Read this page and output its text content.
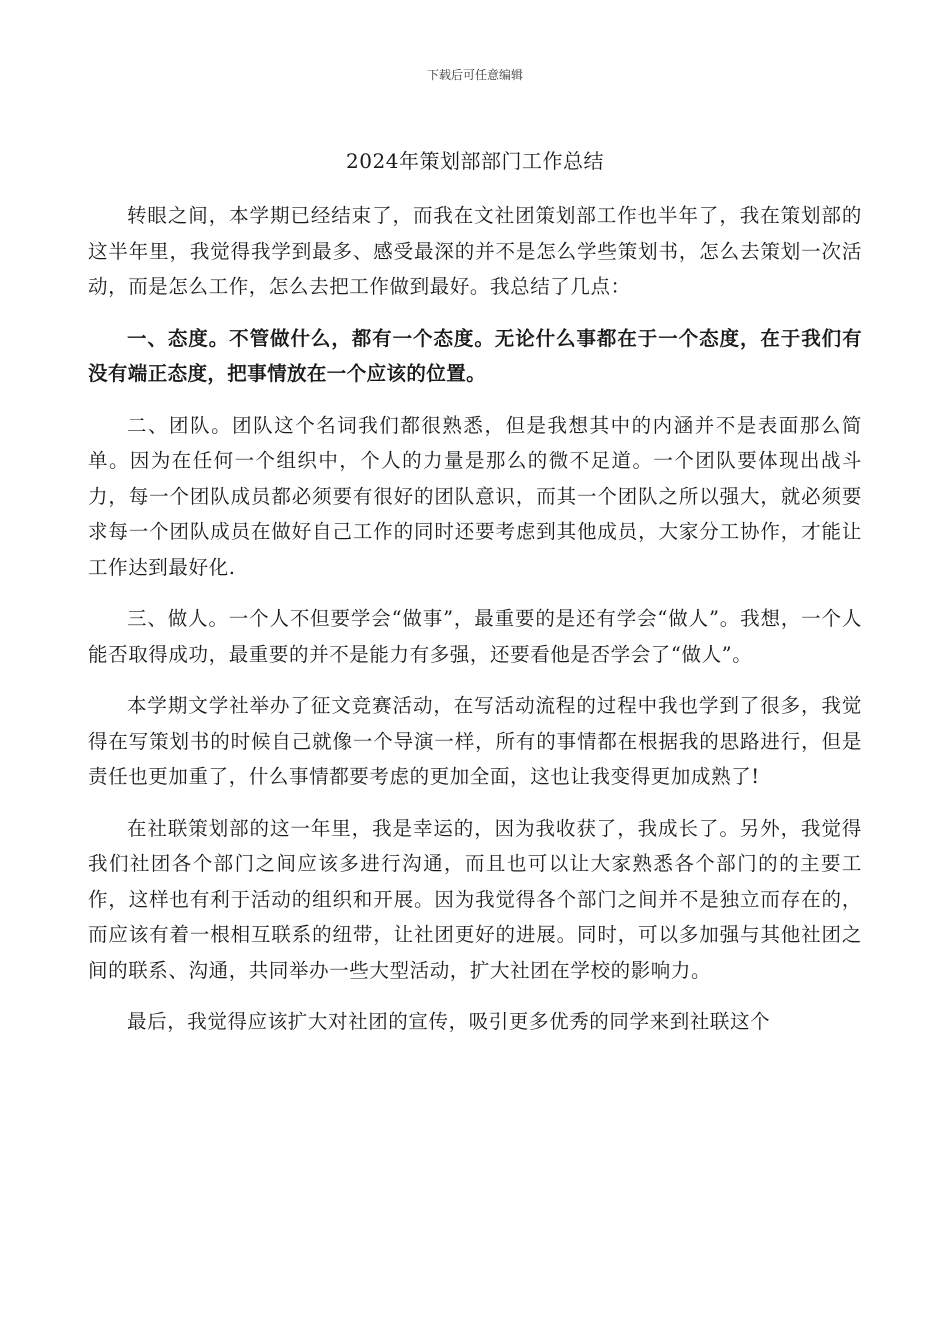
下载后可任意编辑
2024年策划部部门工作总结

转眼之间，本学期已经结束了，而我在文社团策划部工作也半年了，我在策划部的这半年里，我觉得我学到最多、感受最深的并不是怎么学些策划书，怎么去策划一次活动，而是怎么工作，怎么去把工作做到最好。我总结了几点：

一、态度。不管做什么，都有一个态度。无论什么事都在于一个态度，在于我们有没有端正态度，把事情放在一个应该的位置。

二、团队。团队这个名词我们都很熟悉，但是我想其中的内涵并不是表面那么简单。因为在任何一个组织中，个人的力量是那么的微不足道。一个团队要体现出战斗力，每一个团队成员都必须要有很好的团队意识，而其一个团队之所以强大，就必须要求每一个团队成员在做好自己工作的同时还要考虑到其他成员，大家分工协作，才能让工作达到最好化.

三、做人。一个人不但要学会“做事”，最重要的是还有学会“做人”。我想，一个人能否取得成功，最重要的并不是能力有多强，还要看他是否学会了“做人”。

本学期文学社举办了征文竞赛活动，在写活动流程的过程中我也学到了很多，我觉得在写策划书的时候自己就像一个导演一样，所有的事情都在根据我的思路进行，但是责任也更加重了，什么事情都要考虑的更加全面，这也让我变得更加成熟了!

在社联策划部的这一年里，我是幸运的，因为我收获了，我成长了。另外，我觉得我们社团各个部门之间应该多进行沟通，而且也可以让大家熟悉各个部门的的主要工作，这样也有利于活动的组织和开展。因为我觉得各个部门之间并不是独立而存在的，而应该有着一根相互联系的纽带，让社团更好的进展。同时，可以多加强与其他社团之间的联系、沟通，共同举办一些大型活动，扩大社团在学校的影响力。

最后，我觉得应该扩大对社团的宣传，吸引更多优秀的同学来到社联这个
